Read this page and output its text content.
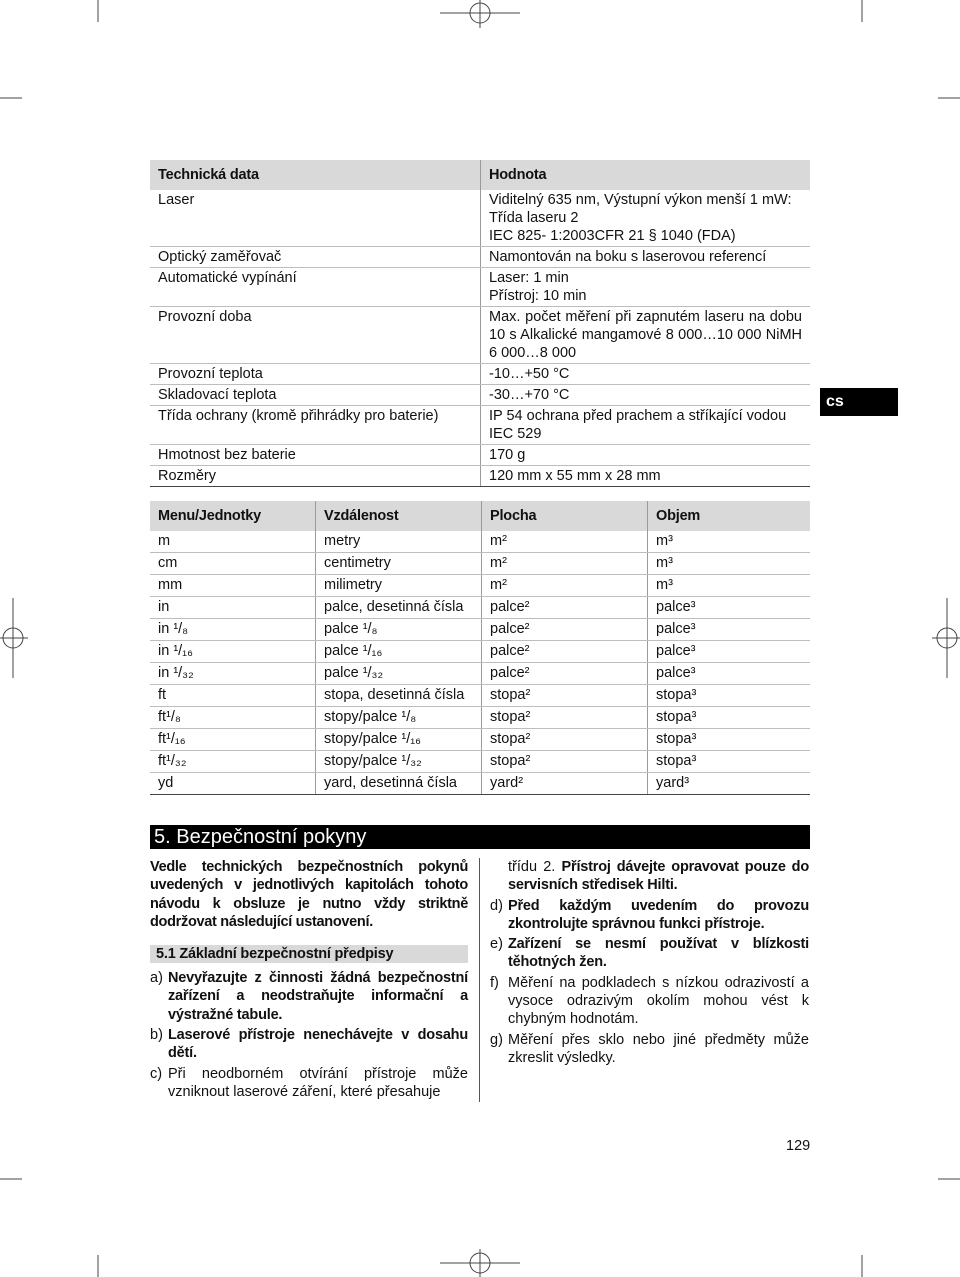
Technická data	Hodnota
Laser	Viditelný 635 nm, Výstupní výkon menší 1 mW:
Třída laseru 2
IEC 825- 1:2003CFR 21 § 1040 (FDA)

Optický zaměřovač	Namontován na boku s laserovou referencí

Automatické vypínání	Laser: 1 min
Přístroj: 10 min

Provozní doba	Max. počet měření při zapnutém laseru na dobu 10 s Alkalické mangamové 8 000…10 000 NiMH 6 000…8 000

Provozní teplota	-10…+50 °C

Skladovací teplota	-30…+70 °C

Třída ochrany (kromě přihrádky pro baterie)	IP 54 ochrana před prachem a stříkající vodou
IEC 529

Hmotnost bez baterie	170 g

Rozměry	120 mm x 55 mm x 28 mm
cs
Menu/Jednotky	Vzdálenost	Plocha	Objem
m	metry	m²	m³
cm	centimetry	m²	m³
mm	milimetry	m²	m³
in	palce, desetinná čísla	palce²	palce³
in ¹/₈	palce ¹/₈	palce²	palce³
in ¹/₁₆	palce ¹/₁₆	palce²	palce³
in ¹/₃₂	palce ¹/₃₂	palce²	palce³
ft	stopa, desetinná čísla	stopa²	stopa³
ft¹/₈	stopy/palce ¹/₈	stopa²	stopa³
ft¹/₁₆	stopy/palce ¹/₁₆	stopa²	stopa³
ft¹/₃₂	stopy/palce ¹/₃₂	stopa²	stopa³
yd	yard, desetinná čísla	yard²	yard³
5. Bezpečnostní pokyny

Vedle technických bezpečnostních pokynů uvedených v jednotlivých kapitolách tohoto návodu k obsluze je nutno vždy striktně dodržovat následující ustanovení.

5.1 Základní bezpečnostní předpisy
a) Nevyřazujte z činnosti žádná bezpečnostní zařízení a neodstraňujte informační a výstražné tabule.
b) Laserové přístroje nenechávejte v dosahu dětí.
c) Při neodborném otvírání přístroje může vzniknout laserové záření, které přesahuje
třídu 2. Přístroj dávejte opravovat pouze do servisních středisek Hilti.
d) Před každým uvedením do provozu zkontrolujte správnou funkci přístroje.
e) Zařízení se nesmí používat v blízkosti těhotných žen.
f) Měření na podkladech s nízkou odrazivostí a vysoce odrazivým okolím mohou vést k chybným hodnotám.
g) Měření přes sklo nebo jiné předměty může zkreslit výsledky.
129
